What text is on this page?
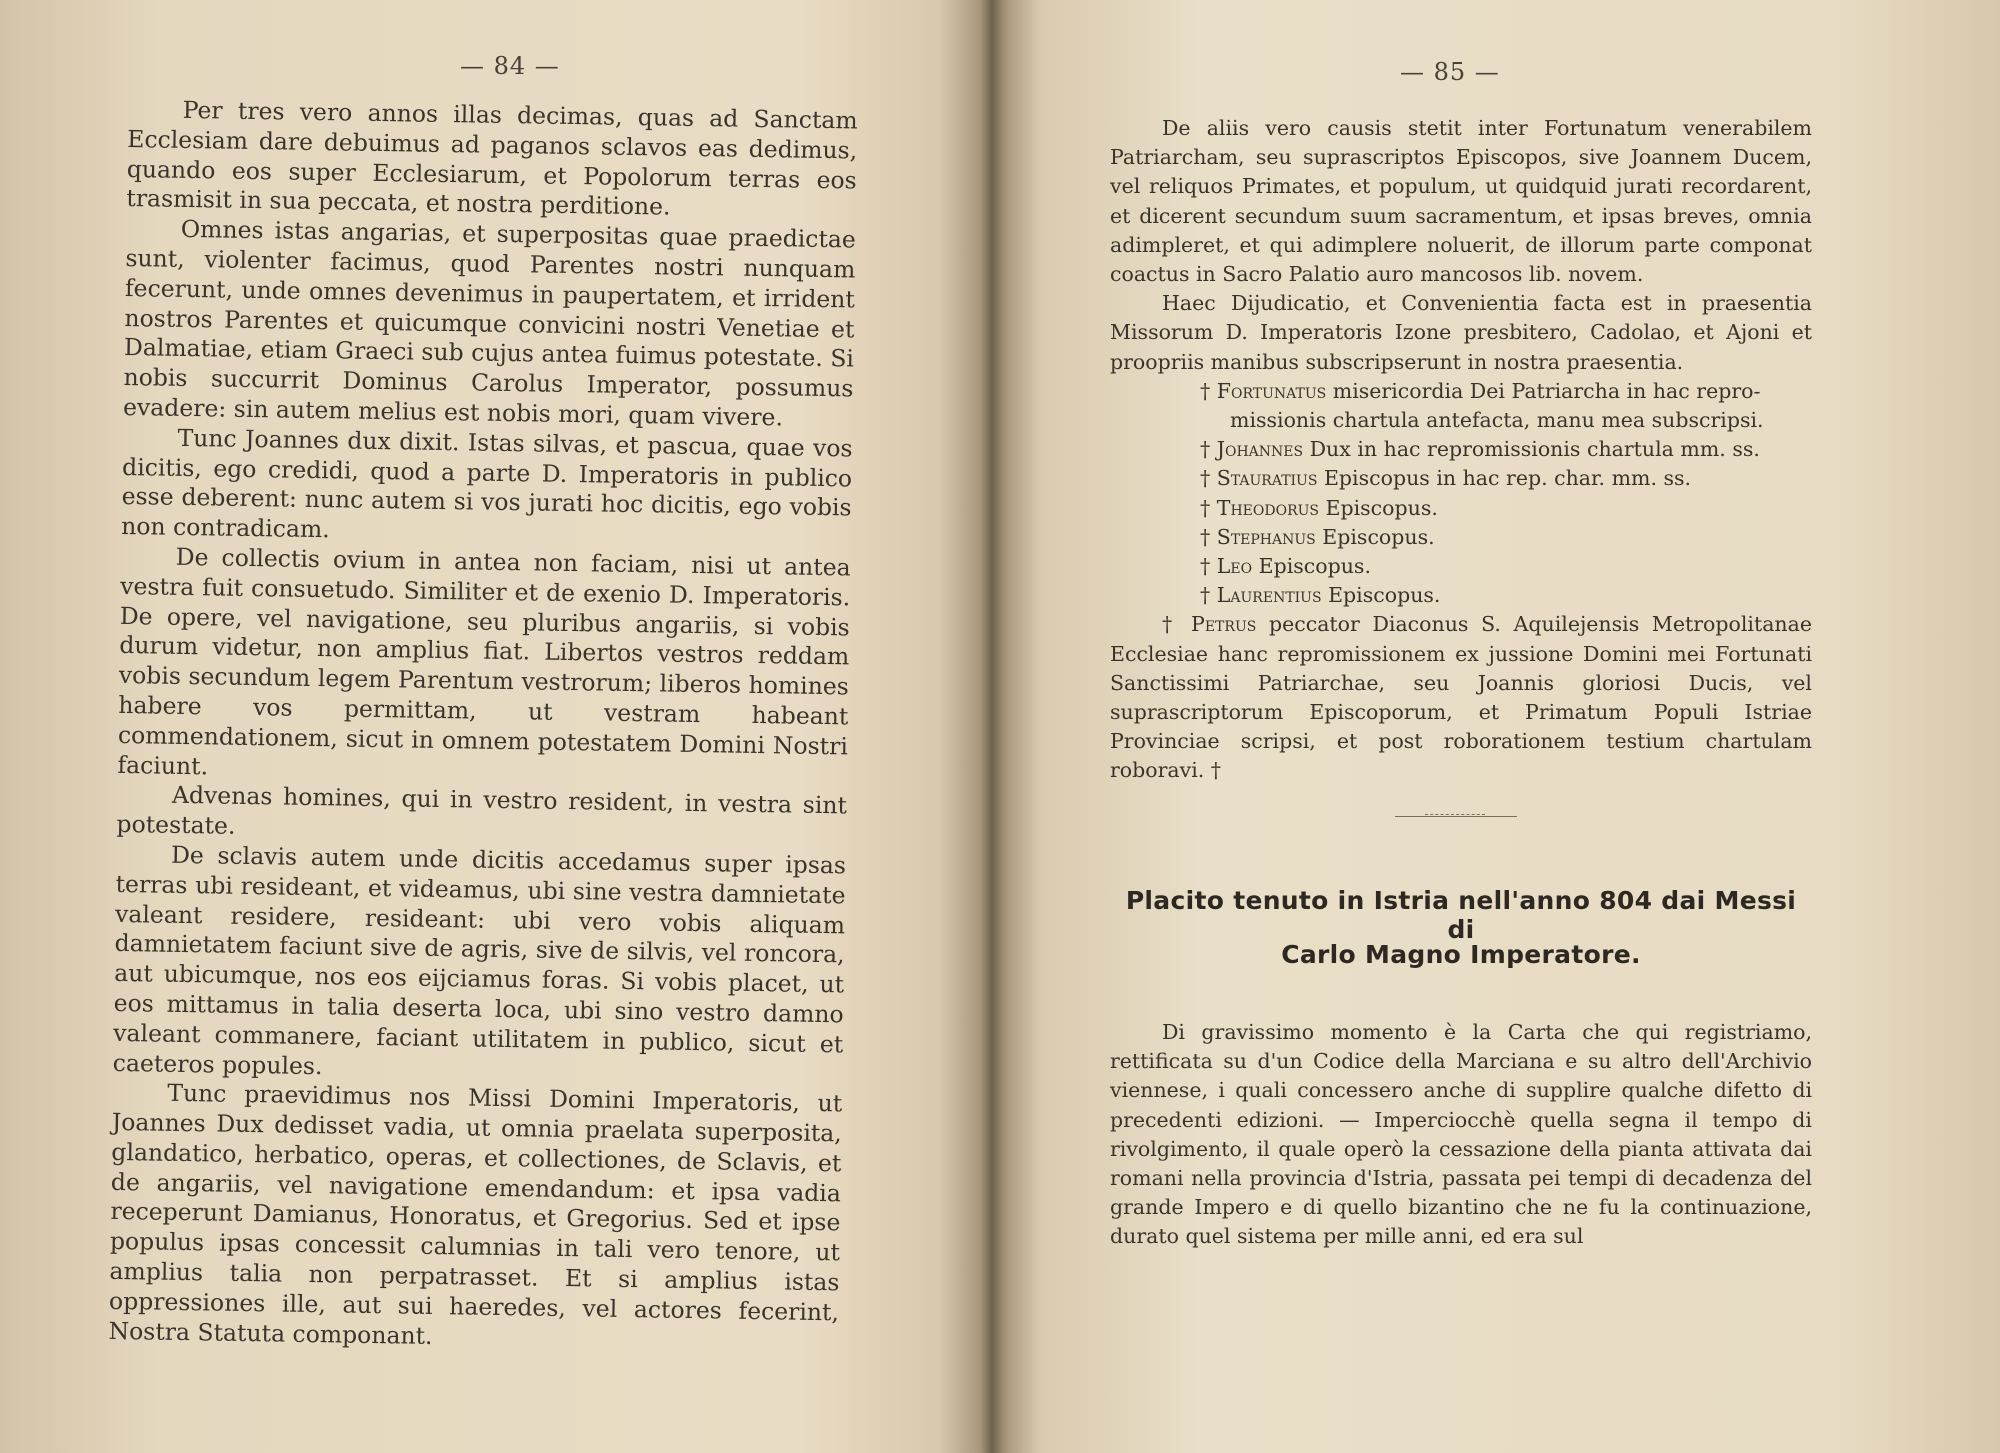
— 84 —

Per tres vero annos illas decimas, quas ad Sanctam Ecclesiam dare debuimus ad paganos sclavos eas dedimus, quando eos super Ecclesiarum, et Popolorum terras eos trasmisit in sua peccata, et nostra perditione.

Omnes istas angarias, et superpositas quae praedictae sunt, violenter facimus, quod Parentes nostri nunquam fecerunt, unde omnes devenimus in paupertatem, et irrident nostros Parentes et quicumque convicini nostri Venetiae et Dalmatiae, etiam Graeci sub cujus antea fuimus potestate. Si nobis succurrit Dominus Carolus Imperator, possumus evadere: sin autem melius est nobis mori, quam vivere.

Tunc Joannes dux dixit. Istas silvas, et pascua, quae vos dicitis, ego credidi, quod a parte D. Imperatoris in publico esse deberent: nunc autem si vos jurati hoc dicitis, ego vobis non contradicam.

De collectis ovium in antea non faciam, nisi ut antea vestra fuit consuetudo. Similiter et de exenio D. Imperatoris. De opere, vel navigatione, seu pluribus angariis, si vobis durum videtur, non amplius fiat. Libertos vestros reddam vobis secundum legem Parentum vestrorum; liberos homines habere vos permittam, ut vestram habeant commendationem, sicut in omnem potestatem Domini Nostri faciunt.

Advenas homines, qui in vestro resident, in vestra sint potestate.

De sclavis autem unde dicitis accedamus super ipsas terras ubi resideant, et videamus, ubi sine vestra damnietate valeant residere, resideant: ubi vero vobis aliquam damnietatem faciunt sive de agris, sive de silvis, vel roncora, aut ubicumque, nos eos eijciamus foras. Si vobis placet, ut eos mittamus in talia deserta loca, ubi sino vestro damno valeant commanere, faciant utilitatem in publico, sicut et caeteros popules.

Tunc praevidimus nos Missi Domini Imperatoris, ut Joannes Dux dedisset vadia, ut omnia praelata superposita, glandatico, herbatico, operas, et collectiones, de Sclavis, et de angariis, vel navigatione emendandum: et ipsa vadia receperunt Damianus, Honoratus, et Gregorius. Sed et ipse populus ipsas concessit calumnias in tali vero tenore, ut amplius talia non perpatrasset. Et si amplius istas oppressiones ille, aut sui haeredes, vel actores fecerint, Nostra Statuta componant.

— 85 —

De aliis vero causis stetit inter Fortunatum venerabilem Patriarcham, seu suprascriptos Episcopos, sive Joannem Ducem, vel reliquos Primates, et populum, ut quidquid jurati recordarent, et dicerent secundum suum sacramentum, et ipsas breves, omnia adimpleret, et qui adimplere noluerit, de illorum parte componat coactus in Sacro Palatio auro mancosos lib. novem.

Haec Dijudicatio, et Convenientia facta est in praesentia Missorum D. Imperatoris Izone presbitero, Cadolao, et Ajoni et proopriis manibus subscripserunt in nostra praesentia.

† Fortunatus misericordia Dei Patriarcha in hac repro-
missionis chartula antefacta, manu mea subscripsi.
† Johannes Dux in hac repromissionis chartula mm. ss.
† Stauratius Episcopus in hac rep. char. mm. ss.
† Theodorus Episcopus.
† Stephanus Episcopus.
† Leo Episcopus.
† Laurentius Episcopus.

† Petrus peccator Diaconus S. Aquilejensis Metropolitanae Ecclesiae hanc repromissionem ex jussione Domini mei Fortunati Sanctissimi Patriarchae, seu Joannis gloriosi Ducis, vel suprascriptorum Episcoporum, et Primatum Populi Istriae Provinciae scripsi, et post roborationem testium chartulam roboravi. †

Placito tenuto in Istria nell'anno 804 dai Messi di
Carlo Magno Imperatore.

Di gravissimo momento è la Carta che qui registriamo, rettificata su d'un Codice della Marciana e su altro dell'Archivio viennese, i quali concessero anche di supplire qualche difetto di precedenti edizioni. — Imperciocchè quella segna il tempo di rivolgimento, il quale operò la cessazione della pianta attivata dai romani nella provincia d'Istria, passata pei tempi di decadenza del grande Impero e di quello bizantino che ne fu la continuazione, durato quel sistema per mille anni, ed era sul
